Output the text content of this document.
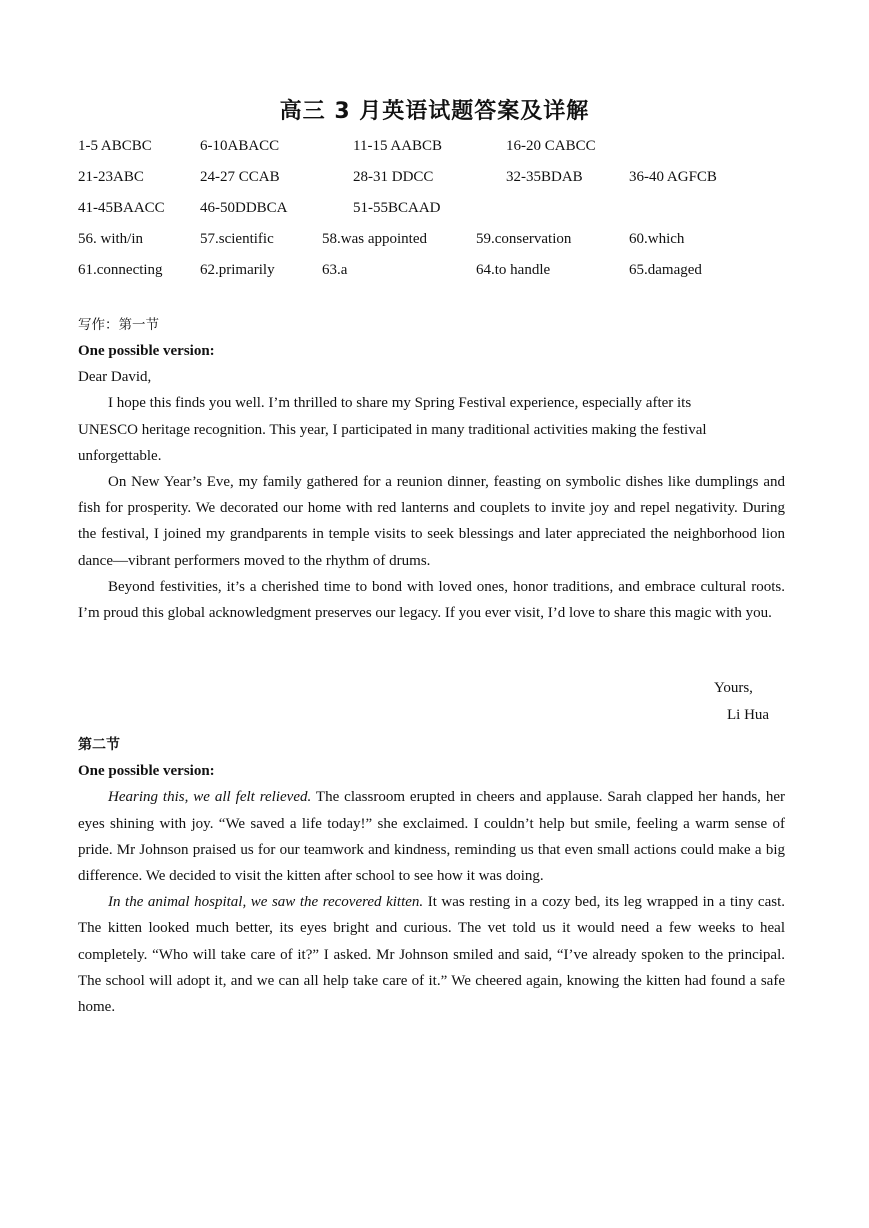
高三 3 月英语试题答案及详解
1-5 ABCBC	6-10ABACC	11-15 AABCB	16-20 CABCC
21-23ABC	24-27 CCAB	28-31 DDCC	32-35BDAB	36-40 AGFCB
41-45BAACC 46-50DDBCA	51-55BCAAD
56. with/in	57.scientific	58.was appointed	59.conservation	60.which
61.connecting 62.primarily	63.a	64.to handle	65.damaged
写作：第一节

One possible version:

Dear David,

I hope this finds you well. I’m thrilled to share my Spring Festival experience, especially after its

UNESCO heritage recognition. This year, I participated in many traditional activities making the festival unforgettable.

On New Year’s Eve, my family gathered for a reunion dinner, feasting on symbolic dishes like dumplings and fish for prosperity. We decorated our home with red lanterns and couplets to invite joy and repel negativity. During the festival, I joined my grandparents in temple visits to seek blessings and later appreciated the neighborhood lion dance—vibrant performers moved to the rhythm of drums.

Beyond festivities, it’s a cherished time to bond with loved ones, honor traditions, and embrace cultural roots. I’m proud this global acknowledgment preserves our legacy. If you ever visit, I’d love to share this magic with you.

Yours,
Li Hua

第二节

One possible version:

Hearing this, we all felt relieved. The classroom erupted in cheers and applause. Sarah clapped her hands, her eyes shining with joy. “We saved a life today!” she exclaimed. I couldn’t help but smile, feeling a warm sense of pride. Mr Johnson praised us for our teamwork and kindness, reminding us that even small actions could make a big difference. We decided to visit the kitten after school to see how it was doing.

In the animal hospital, we saw the recovered kitten. It was resting in a cozy bed, its leg wrapped in a tiny cast. The kitten looked much better, its eyes bright and curious. The vet told us it would need a few weeks to heal completely. “Who will take care of it?” I asked. Mr Johnson smiled and said, “I’ve already spoken to the principal. The school will adopt it, and we can all help take care of it.” We cheered again, knowing the kitten had found a safe home.
